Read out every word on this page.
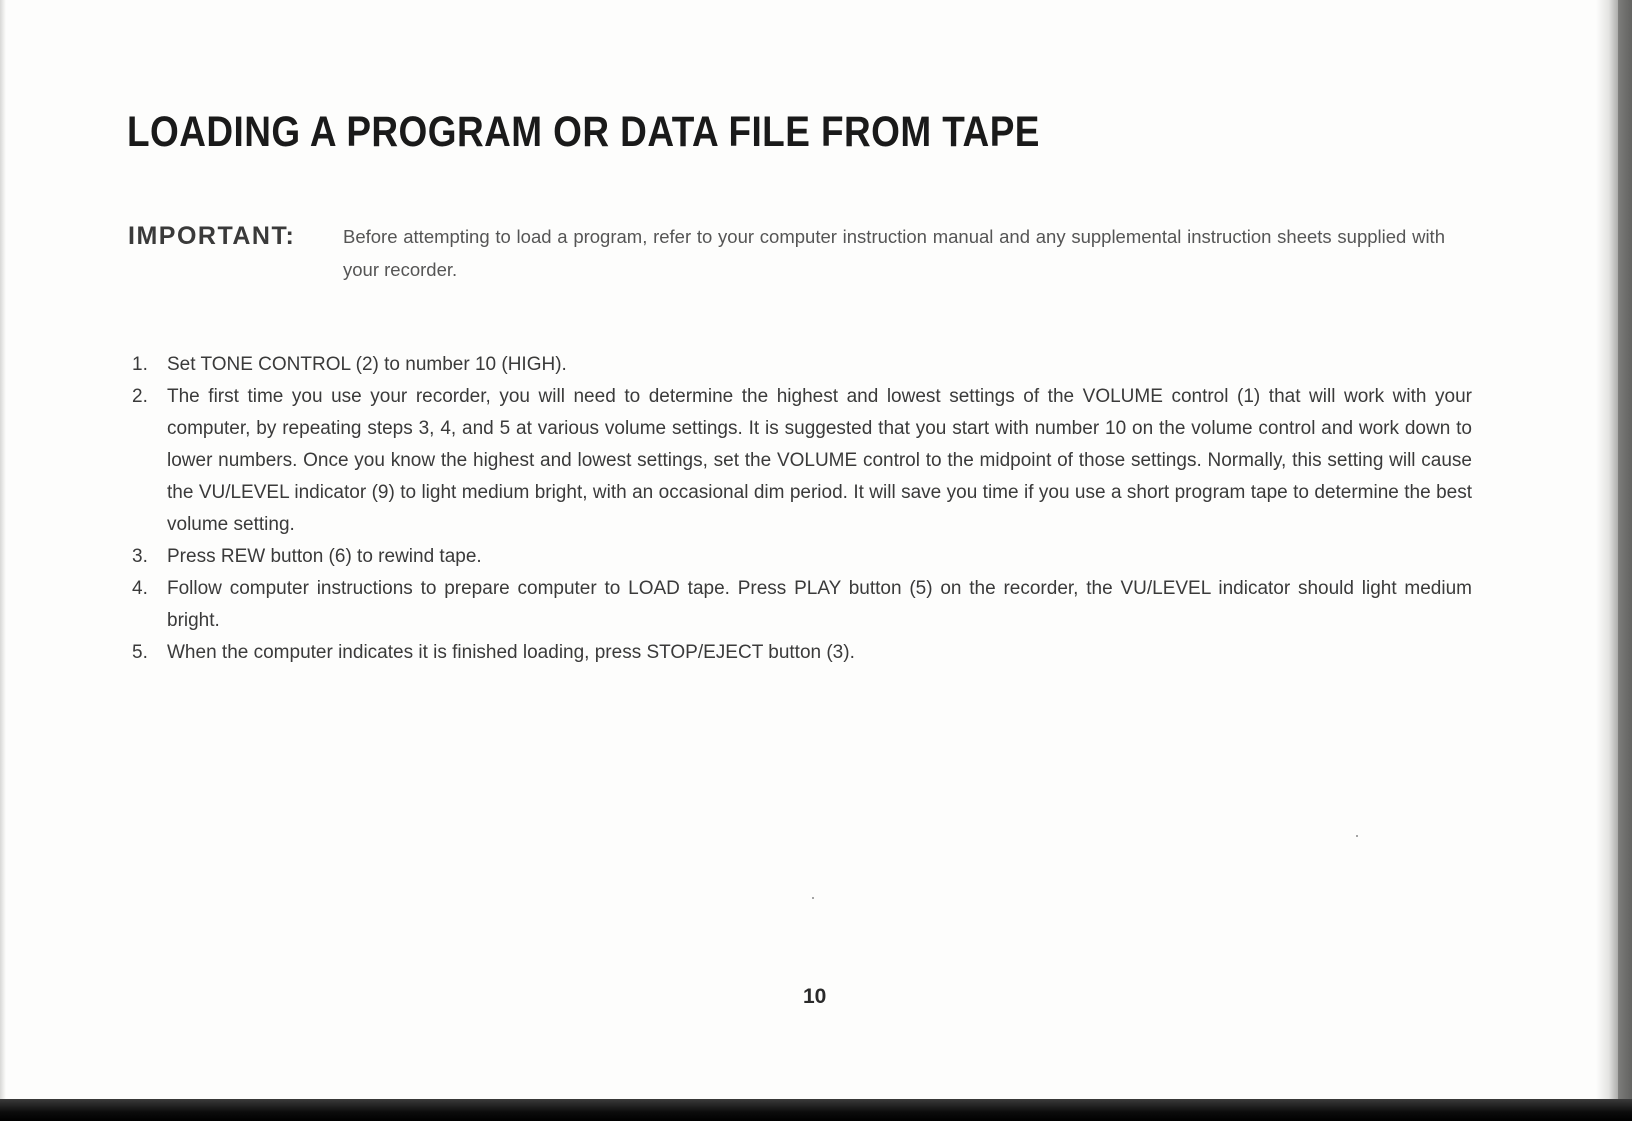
LOADING A PROGRAM OR DATA FILE FROM TAPE
IMPORTANT:	Before attempting to load a program, refer to your computer instruction manual and any supplemental instruction sheets supplied with your recorder.
1.	Set TONE CONTROL (2) to number 10 (HIGH).
2.	The first time you use your recorder, you will need to determine the highest and lowest settings of the VOLUME control (1) that will work with your computer, by repeating steps 3, 4, and 5 at various volume settings. It is suggested that you start with number 10 on the volume control and work down to lower numbers. Once you know the highest and lowest settings, set the VOLUME control to the midpoint of those settings. Normally, this setting will cause the VU/LEVEL indicator (9) to light medium bright, with an occasional dim period. It will save you time if you use a short program tape to determine the best volume setting.
3.	Press REW button (6) to rewind tape.
4.	Follow computer instructions to prepare computer to LOAD tape. Press PLAY button (5) on the recorder, the VU/LEVEL indicator should light medium bright.
5.	When the computer indicates it is finished loading, press STOP/EJECT button (3).
10
